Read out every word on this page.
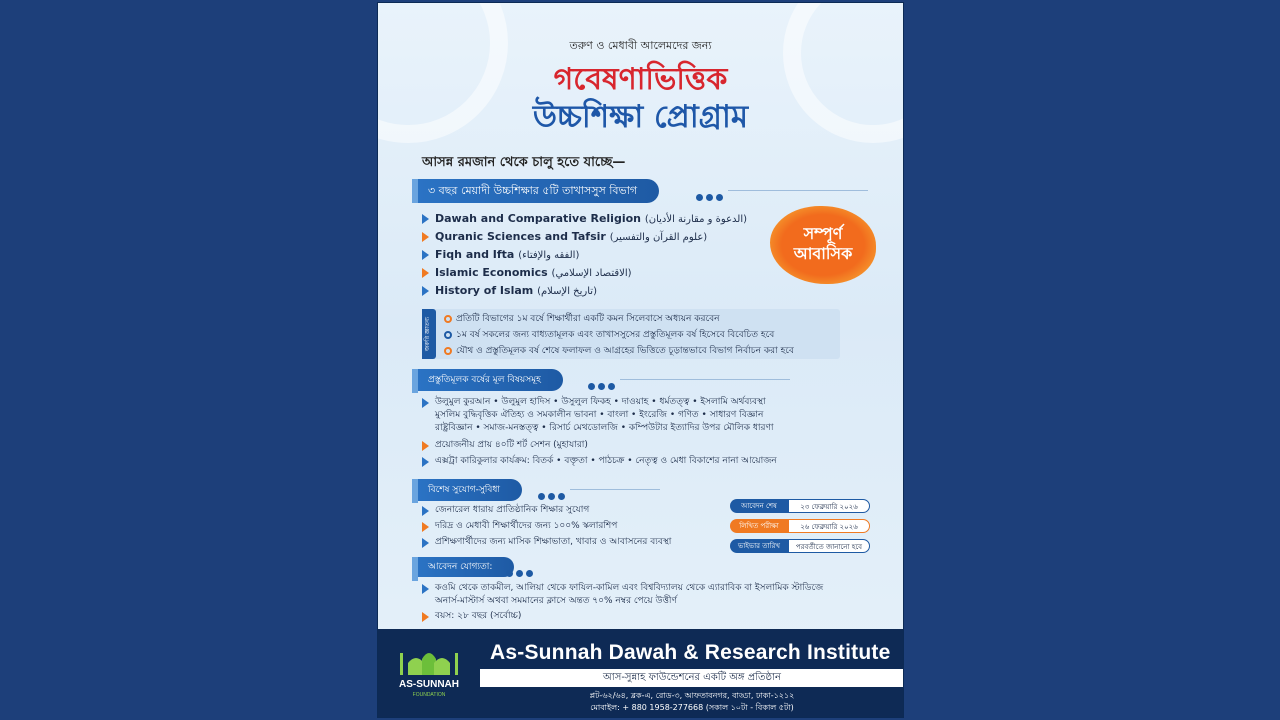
তরুণ ও মেধাবী আলেমদের জন্য
গবেষণাভিত্তিক
উচ্চশিক্ষা প্রোগ্রাম
আসন্ন রমজান থেকে চালু হতে যাচ্ছে—
৩ বছর মেয়াদী উচ্চশিক্ষার ৫টি তাখাসসুস বিভাগ
Dawah and Comparative Religion (الدعوة و مقارنة الأديان)
Quranic Sciences and Tafsir (علوم القرآن والتفسير)
Fiqh and Ifta (الفقه والإفتاء)
Islamic Economics (الاقتصاد الإسلامي)
History of Islam (تاريخ الإسلام)
সম্পূর্ণ
আবাসিক
জরুরি জ্ঞাতব্য	প্রতিটি বিভাগের ১ম বর্ষে শিক্ষার্থীরা একটি কমন সিলেবাসে অধ্যয়ন করবেন
১ম বর্ষ সকলের জন্য বাধ্যতামূলক এবং তাখাসসুসের প্রস্তুতিমূলক বর্ষ হিসেবে বিবেচিত হবে
যৌথ ও প্রস্তুতিমূলক বর্ষ শেষে ফলাফল ও আগ্রহের ভিত্তিতে চূড়ান্তভাবে বিভাগ নির্বাচন করা হবে
প্রস্তুতিমূলক বর্ষের মূল বিষয়সমূহ
উলুমুল কুরআন • উলুমুল হাদিস • উসুলুল ফিকহ • দাওয়াহ • ধর্মতত্ত্ব • ইসলামি অর্থব্যবস্থা
মুসলিম বুদ্ধিবৃত্তিক ঐতিহ্য ও সমকালীন ভাবনা • বাংলা • ইংরেজি • গণিত • সাধারণ বিজ্ঞান
রাষ্ট্রবিজ্ঞান • সমাজ-মনস্তত্ত্ব • রিসার্চ মেথডোলজি • কম্পিউটার ইত্যাদির উপর মৌলিক ধারণা
প্রয়োজনীয় প্রায় ৪০টি শর্ট সেশন (মুহাযারা)
এক্সট্রা কারিকুলার কার্যক্রম: বিতর্ক • বক্তৃতা • পাঠচক্র • নেতৃত্ব ও মেধা বিকাশের নানা আয়োজন
বিশেষ সুযোগ-সুবিধা
জেনারেল ধারায় প্রাতিষ্ঠানিক শিক্ষার সুযোগ
দরিদ্র ও মেধাবী শিক্ষার্থীদের জন্য ১০০% স্কলারশিপ
প্রশিক্ষণার্থীদের জন্য মাসিক শিক্ষাভাতা, খাবার ও আবাসনের ব্যবস্থা
আবেদন শেষ	২৩ ফেব্রুয়ারি ২০২৬
লিখিত পরীক্ষা	২৬ ফেব্রুয়ারি ২০২৬
ভাইভার তারিখ	পরবর্তীতে জানানো হবে
আবেদন যোগ্যতা:
কওমি থেকে তাকমীল, আলিয়া থেকে ফাযিল-কামিল এবং বিশ্ববিদ্যালয় থেকে এ্যারাবিক বা ইসলামিক স্টাডিজে
অনার্স-মাস্টার্স অথবা সমমানের ক্লাসে অন্তত ৭০% নম্বর পেয়ে উত্তীর্ণ
বয়স: ২৮ বছর (সর্বোচ্চ)
AS-SUNNAH
FOUNDATION
As-Sunnah Dawah & Research Institute
আস-সুন্নাহ ফাউন্ডেশনের একটি অঙ্গ প্রতিষ্ঠান
প্লট-৬২/৬৪, ব্লক-এ, রোড-৩, আফতাবনগর, বাড্ডা, ঢাকা-১২১২
মোবাইল: + 880 1958-277668 (সকাল ১০টা - বিকাল ৫টা)
